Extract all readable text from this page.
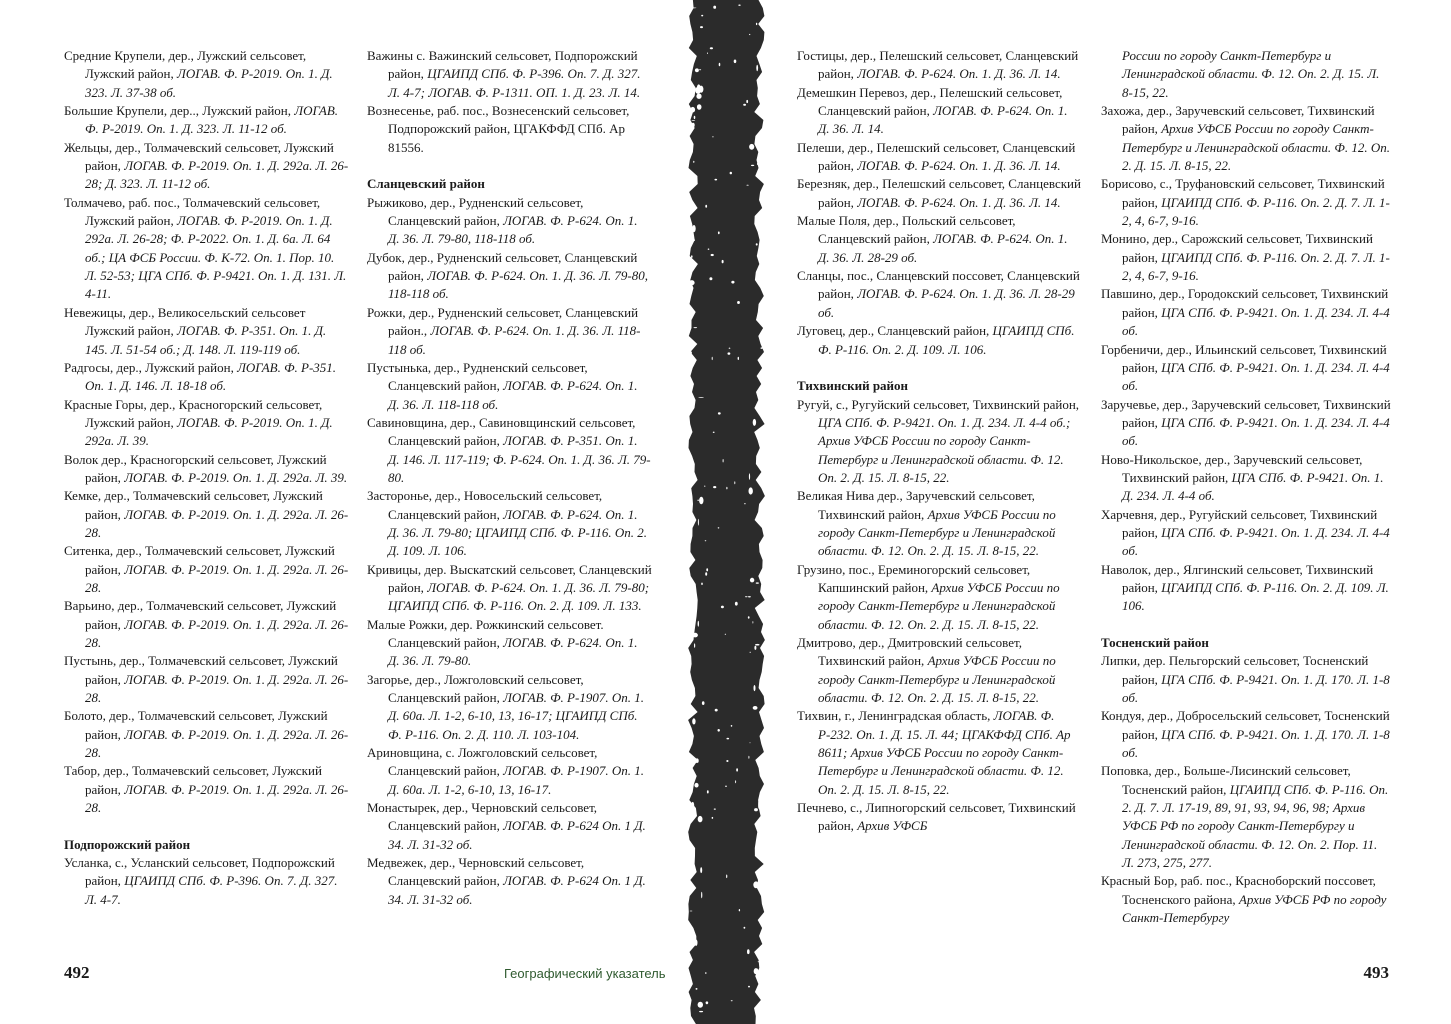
Средние Крупели, дер., Лужский сельсовет, Лужский район, ЛОГАВ. Ф. Р-2019. Оп. 1. Д. 323. Л. 37-38 об.

Большие Крупели, дер.., Лужский район, ЛОГАВ. Ф. Р-2019. Оп. 1. Д. 323. Л. 11-12 об.

Жельцы, дер., Толмачевский сельсовет, Лужский район, ЛОГАВ. Ф. Р-2019. Оп. 1. Д. 292а. Л. 26-28; Д. 323. Л. 11-12 об.

Толмачево, раб. пос., Толмачевский сельсовет, Лужский район, ЛОГАВ. Ф. Р-2019. Оп. 1. Д. 292а. Л. 26-28; Ф. Р-2022. Оп. 1. Д. 6а. Л. 64 об.; ЦА ФСБ России. Ф. К-72. Оп. 1. Пор. 10. Л. 52-53; ЦГА СПб. Ф. Р-9421. Оп. 1. Д. 131. Л. 4-11.

Невежицы, дер., Великосельский сельсовет Лужский район, ЛОГАВ. Ф. Р-351. Оп. 1. Д. 145. Л. 51-54 об.; Д. 148. Л. 119-119 об.

Радгосы, дер., Лужский район, ЛОГАВ. Ф. Р-351. Оп. 1. Д. 146. Л. 18-18 об.

Красные Горы, дер., Красногорский сельсовет, Лужский район, ЛОГАВ. Ф. Р-2019. Оп. 1. Д. 292а. Л. 39.

Волок дер., Красногорский сельсовет, Лужский район, ЛОГАВ. Ф. Р-2019. Оп. 1. Д. 292а. Л. 39.

Кемке, дер., Толмачевский сельсовет, Лужский район, ЛОГАВ. Ф. Р-2019. Оп. 1. Д. 292а. Л. 26-28.

Ситенка, дер., Толмачевский сельсовет, Лужский район, ЛОГАВ. Ф. Р-2019. Оп. 1. Д. 292а. Л. 26-28.

Варьино, дер., Толмачевский сельсовет, Лужский район, ЛОГАВ. Ф. Р-2019. Оп. 1. Д. 292а. Л. 26-28.

Пустынь, дер., Толмачевский сельсовет, Лужский район, ЛОГАВ. Ф. Р-2019. Оп. 1. Д. 292а. Л. 26-28.

Болото, дер., Толмачевский сельсовет, Лужский район, ЛОГАВ. Ф. Р-2019. Оп. 1. Д. 292а. Л. 26-28.

Табор, дер., Толмачевский сельсовет, Лужский район, ЛОГАВ. Ф. Р-2019. Оп. 1. Д. 292а. Л. 26-28.

Подпорожский район

Усланка, с., Усланский сельсовет, Подпорожский район, ЦГАИПД СПб. Ф. Р-396. Оп. 7. Д. 327. Л. 4-7.

Важины с. Важинский сельсовет, Подпорожский район, ЦГАИПД СПб. Ф. Р-396. Оп. 7. Д. 327. Л. 4-7; ЛОГАВ. Ф. Р-1311. ОП. 1. Д. 23. Л. 14.

Вознесенье, раб. пос., Вознесенский сельсовет, Подпорожский район, ЦГАКФФД СПб. Ар 81556.

Сланцевский район

Рыжиково, дер., Рудненский сельсовет, Сланцевский район, ЛОГАВ. Ф. Р-624. Оп. 1. Д. 36. Л. 79-80, 118-118 об.

Дубок, дер., Рудненский сельсовет, Сланцевский район, ЛОГАВ. Ф. Р-624. Оп. 1. Д. 36. Л. 79-80, 118-118 об.

Рожки, дер., Рудненский сельсовет, Сланцевский район., ЛОГАВ. Ф. Р-624. Оп. 1. Д. 36. Л. 118-118 об.

Пустынька, дер., Рудненский сельсовет, Сланцевский район, ЛОГАВ. Ф. Р-624. Оп. 1. Д. 36. Л. 118-118 об.

Савиновщина, дер., Савиновщинский сельсовет, Сланцевский район, ЛОГАВ. Ф. Р-351. Оп. 1. Д. 146. Л. 117-119; Ф. Р-624. Оп. 1. Д. 36. Л. 79-80.

Засторонье, дер., Новосельский сельсовет, Сланцевский район, ЛОГАВ. Ф. Р-624. Оп. 1. Д. 36. Л. 79-80; ЦГАИПД СПб. Ф. Р-116. Оп. 2. Д. 109. Л. 106.

Кривицы, дер. Выскатский сельсовет, Сланцевский район, ЛОГАВ. Ф. Р-624. Оп. 1. Д. 36. Л. 79-80; ЦГАИПД СПб. Ф. Р-116. Оп. 2. Д. 109. Л. 133.

Малые Рожки, дер. Рожкинский сельсовет. Сланцевский район, ЛОГАВ. Ф. Р-624. Оп. 1. Д. 36. Л. 79-80.

Загорье, дер., Ложголовский сельсовет, Сланцевский район, ЛОГАВ. Ф. Р-1907. Оп. 1. Д. 60а. Л. 1-2, 6-10, 13, 16-17; ЦГАИПД СПб. Ф. Р-116. Оп. 2. Д. 110. Л. 103-104.

Ариновщина, с. Ложголовский сельсовет, Сланцевский район, ЛОГАВ. Ф. Р-1907. Оп. 1. Д. 60а. Л. 1-2, 6-10, 13, 16-17.

Монастырек, дер., Черновский сельсовет, Сланцевский район, ЛОГАВ. Ф. Р-624 Оп. 1 Д. 34. Л. 31-32 об.

Медвежек, дер., Черновский сельсовет, Сланцевский район, ЛОГАВ. Ф. Р-624 Оп. 1 Д. 34. Л. 31-32 об.

492	Географический указатель

Гостицы, дер., Пелешский сельсовет, Сланцевский район, ЛОГАВ. Ф. Р-624. Оп. 1. Д. 36. Л. 14.

Демешкин Перевоз, дер., Пелешский сельсовет, Сланцевский район, ЛОГАВ. Ф. Р-624. Оп. 1. Д. 36. Л. 14.

Пелеши, дер., Пелешский сельсовет, Сланцевский район, ЛОГАВ. Ф. Р-624. Оп. 1. Д. 36. Л. 14.

Березняк, дер., Пелешский сельсовет, Сланцевский район, ЛОГАВ. Ф. Р-624. Оп. 1. Д. 36. Л. 14.

Малые Поля, дер., Польский сельсовет, Сланцевский район, ЛОГАВ. Ф. Р-624. Оп. 1. Д. 36. Л. 28-29 об.

Сланцы, пос., Сланцевский поссовет, Сланцевский район, ЛОГАВ. Ф. Р-624. Оп. 1. Д. 36. Л. 28-29 об.

Луговец, дер., Сланцевский район, ЦГАИПД СПб. Ф. Р-116. Оп. 2. Д. 109. Л. 106.

Тихвинский район

Ругуй, с., Ругуйский сельсовет, Тихвинский район, ЦГА СПб. Ф. Р-9421. Оп. 1. Д. 234. Л. 4-4 об.; Архив УФСБ России по городу Санкт-Петербург и Ленинградской области. Ф. 12. Оп. 2. Д. 15. Л. 8-15, 22.

Великая Нива дер., Заручевский сельсовет, Тихвинский район, Архив УФСБ России по городу Санкт-Петербург и Ленинградской области. Ф. 12. Оп. 2. Д. 15. Л. 8-15, 22.

Грузино, пос., Ереминогорский сельсовет, Капшинский район, Архив УФСБ России по городу Санкт-Петербург и Ленинградской области. Ф. 12. Оп. 2. Д. 15. Л. 8-15, 22.

Дмитрово, дер., Дмитровский сельсовет, Тихвинский район, Архив УФСБ России по городу Санкт-Петербург и Ленинградской области. Ф. 12. Оп. 2. Д. 15. Л. 8-15, 22.

Тихвин, г., Ленинградская область, ЛОГАВ. Ф. Р-232. Оп. 1. Д. 15. Л. 44; ЦГАКФФД СПб. Ар 8611; Архив УФСБ России по городу Санкт-Петербург и Ленинградской области. Ф. 12. Оп. 2. Д. 15. Л. 8-15, 22.

Печнево, с., Липногорский сельсовет, Тихвинский район, Архив УФСБ

России по городу Санкт-Петербург и Ленинградской области. Ф. 12. Оп. 2. Д. 15. Л. 8-15, 22.

Захожа, дер., Заручевский сельсовет, Тихвинский район, Архив УФСБ России по городу Санкт-Петербург и Ленинградской области. Ф. 12. Оп. 2. Д. 15. Л. 8-15, 22.

Борисово, с., Труфановский сельсовет, Тихвинский район, ЦГАИПД СПб. Ф. Р-116. Оп. 2. Д. 7. Л. 1-2, 4, 6-7, 9-16.

Монино, дер., Сарожский сельсовет, Тихвинский район, ЦГАИПД СПб. Ф. Р-116. Оп. 2. Д. 7. Л. 1-2, 4, 6-7, 9-16.

Павшино, дер., Городокский сельсовет, Тихвинский район, ЦГА СПб. Ф. Р-9421. Оп. 1. Д. 234. Л. 4-4 об.

Горбеничи, дер., Ильинский сельсовет, Тихвинский район, ЦГА СПб. Ф. Р-9421. Оп. 1. Д. 234. Л. 4-4 об.

Заручевье, дер., Заручевский сельсовет, Тихвинский район, ЦГА СПб. Ф. Р-9421. Оп. 1. Д. 234. Л. 4-4 об.

Ново-Никольское, дер., Заручевский сельсовет, Тихвинский район, ЦГА СПб. Ф. Р-9421. Оп. 1. Д. 234. Л. 4-4 об.

Харчевня, дер., Ругуйский сельсовет, Тихвинский район, ЦГА СПб. Ф. Р-9421. Оп. 1. Д. 234. Л. 4-4 об.

Наволок, дер., Ялгинский сельсовет, Тихвинский район, ЦГАИПД СПб. Ф. Р-116. Оп. 2. Д. 109. Л. 106.

Тосненский район

Липки, дер. Пельгорский сельсовет, Тосненский район, ЦГА СПб. Ф. Р-9421. Оп. 1. Д. 170. Л. 1-8 об.

Кондуя, дер., Добросельский сельсовет, Тосненский район, ЦГА СПб. Ф. Р-9421. Оп. 1. Д. 170. Л. 1-8 об.

Поповка, дер., Больше-Лисинский сельсовет, Тосненский район, ЦГАИПД СПб. Ф. Р-116. Оп. 2. Д. 7. Л. 17-19, 89, 91, 93, 94, 96, 98; Архив УФСБ РФ по городу Санкт-Петербургу и Ленинградской области. Ф. 12. Оп. 2. Пор. 11. Л. 273, 275, 277.

Красный Бор, раб. пос., Красноборский поссовет, Тосненского района, Архив УФСБ РФ по городу Санкт-Петербургу

493
